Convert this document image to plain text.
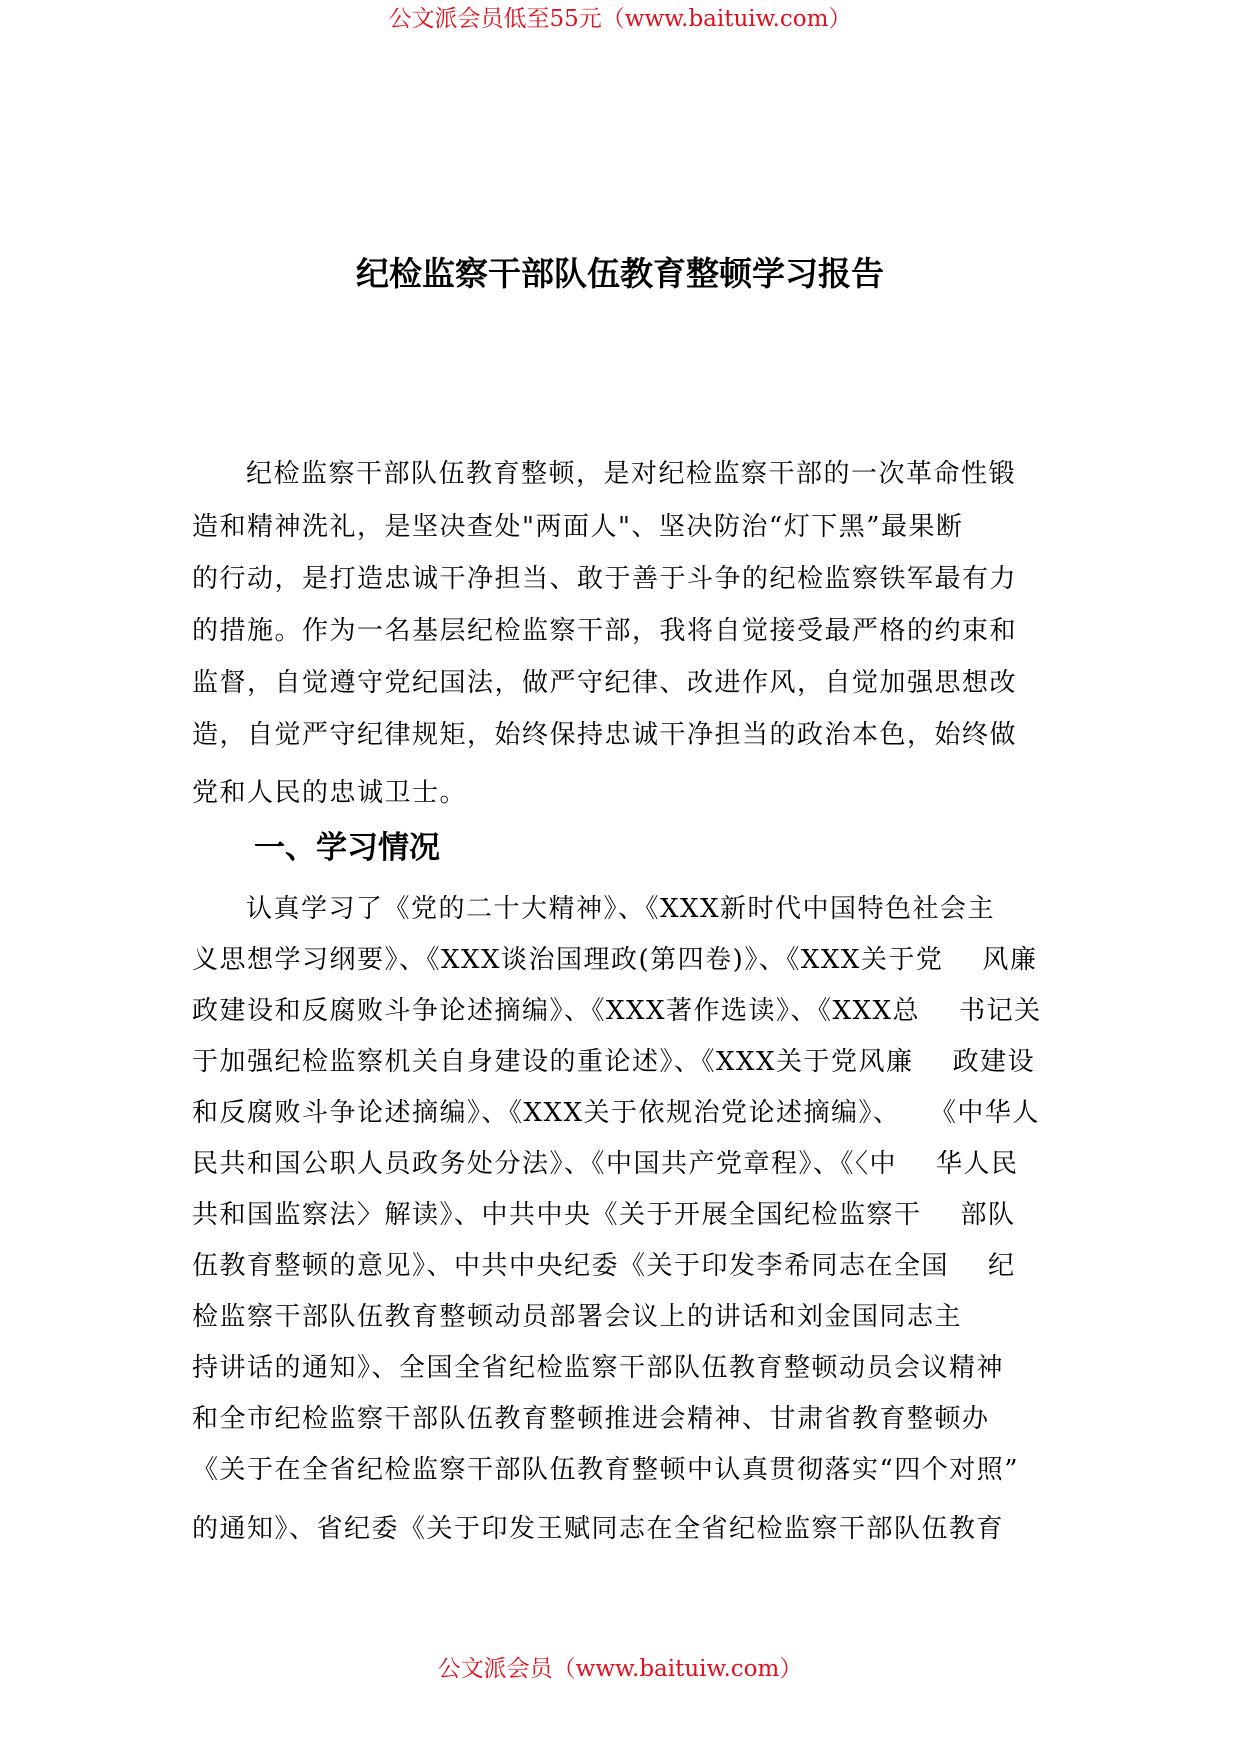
公文派会员低至55元（www.baituiw.com）
纪检监察干部队伍教育整顿学习报告
纪检监察干部队伍教育整顿，是对纪检监察干部的一次革命性锻
造和精神洗礼，是坚决查处"两面人"、坚决防治“灯下黑”最果断
的行动，是打造忠诚干净担当、敢于善于斗争的纪检监察铁军最有力
的措施。作为一名基层纪检监察干部，我将自觉接受最严格的约束和
监督，自觉遵守党纪国法，做严守纪律、改进作风，自觉加强思想改
造，自觉严守纪律规矩，始终保持忠诚干净担当的政治本色，始终做
党和人民的忠诚卫士。
一、学习情况
认真学习了《党的二十大精神》、《XXX新时代中国特色社会主
义思想学习纲要》、《XXX谈治国理政(第四卷)》、《XXX关于党    风廉
政建设和反腐败斗争论述摘编》、《XXX著作选读》、《XXX总    书记关
于加强纪检监察机关自身建设的重论述》、《XXX关于党风廉    政建设
和反腐败斗争论述摘编》、《XXX关于依规治党论述摘编》、   《中华人
民共和国公职人员政务处分法》、《中国共产党章程》、《〈中    华人民
共和国监察法〉解读》、中共中央《关于开展全国纪检监察干    部队
伍教育整顿的意见》、中共中央纪委《关于印发李希同志在全国    纪
检监察干部队伍教育整顿动员部署会议上的讲话和刘金国同志主
持讲话的通知》、全国全省纪检监察干部队伍教育整顿动员会议精神
和全市纪检监察干部队伍教育整顿推进会精神、甘肃省教育整顿办
《关于在全省纪检监察干部队伍教育整顿中认真贯彻落实“四个对照”
的通知》、省纪委《关于印发王赋同志在全省纪检监察干部队伍教育
公文派会员（www.baituiw.com）
